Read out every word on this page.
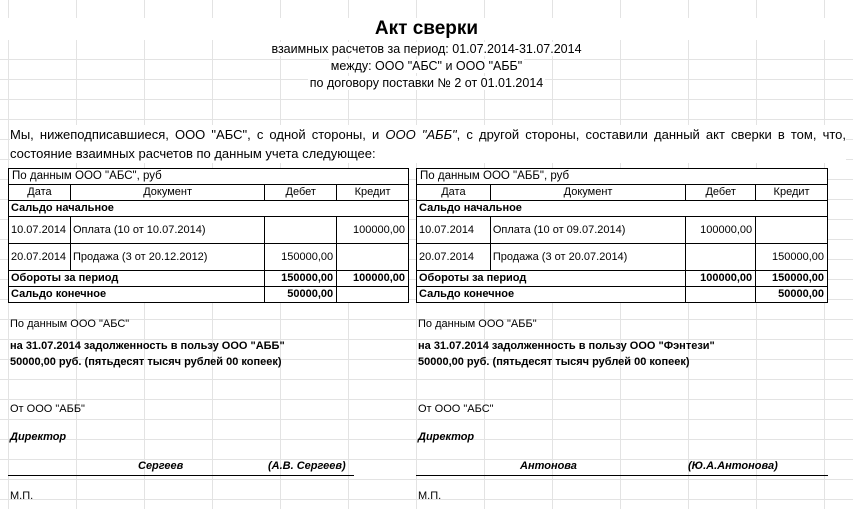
Акт сверки
взаимных расчетов за период: 01.07.2014-31.07.2014
между: ООО "АБС" и ООО "АББ"
по договору поставки № 2 от 01.01.2014
Мы, нижеподписавшиеся, ООО "АБС", с одной стороны, и ООО "АББ", с другой стороны, составили данный акт сверки в том, что, состояние взаимных расчетов по данным учета следующее:
По данным ООО "АБС", руб			
Дата	Документ	Дебет	Кредит
Сальдо начальное			
10.07.2014	Оплата (10 от 10.07.2014)		100000,00
20.07.2014	Продажа (3 от 20.12.2012)	150000,00	
Обороты за период		150000,00	100000,00
Сальдо конечное		50000,00	
По данным ООО "АББ", руб			
Дата	Документ	Дебет	Кредит
Сальдо начальное			
10.07.2014	Оплата (10 от 09.07.2014)	100000,00	
20.07.2014	Продажа (3 от 20.07.2014)		150000,00
Обороты за период		100000,00	150000,00
Сальдо конечное			50000,00
По данным ООО "АБС"
на 31.07.2014 задолженность в пользу ООО "АББ"
50000,00 руб. (пятьдесят тысяч рублей 00 копеек)
От ООО "АББ"
Директор
Сергеев	(А.В. Сергеев)
М.П.
По данным ООО "АББ"
на 31.07.2014 задолженность в пользу ООО "Фэнтези"
50000,00 руб. (пятьдесят тысяч рублей 00 копеек)
От ООО "АБС"
Директор
Антонова	(Ю.А.Антонова)
М.П.
